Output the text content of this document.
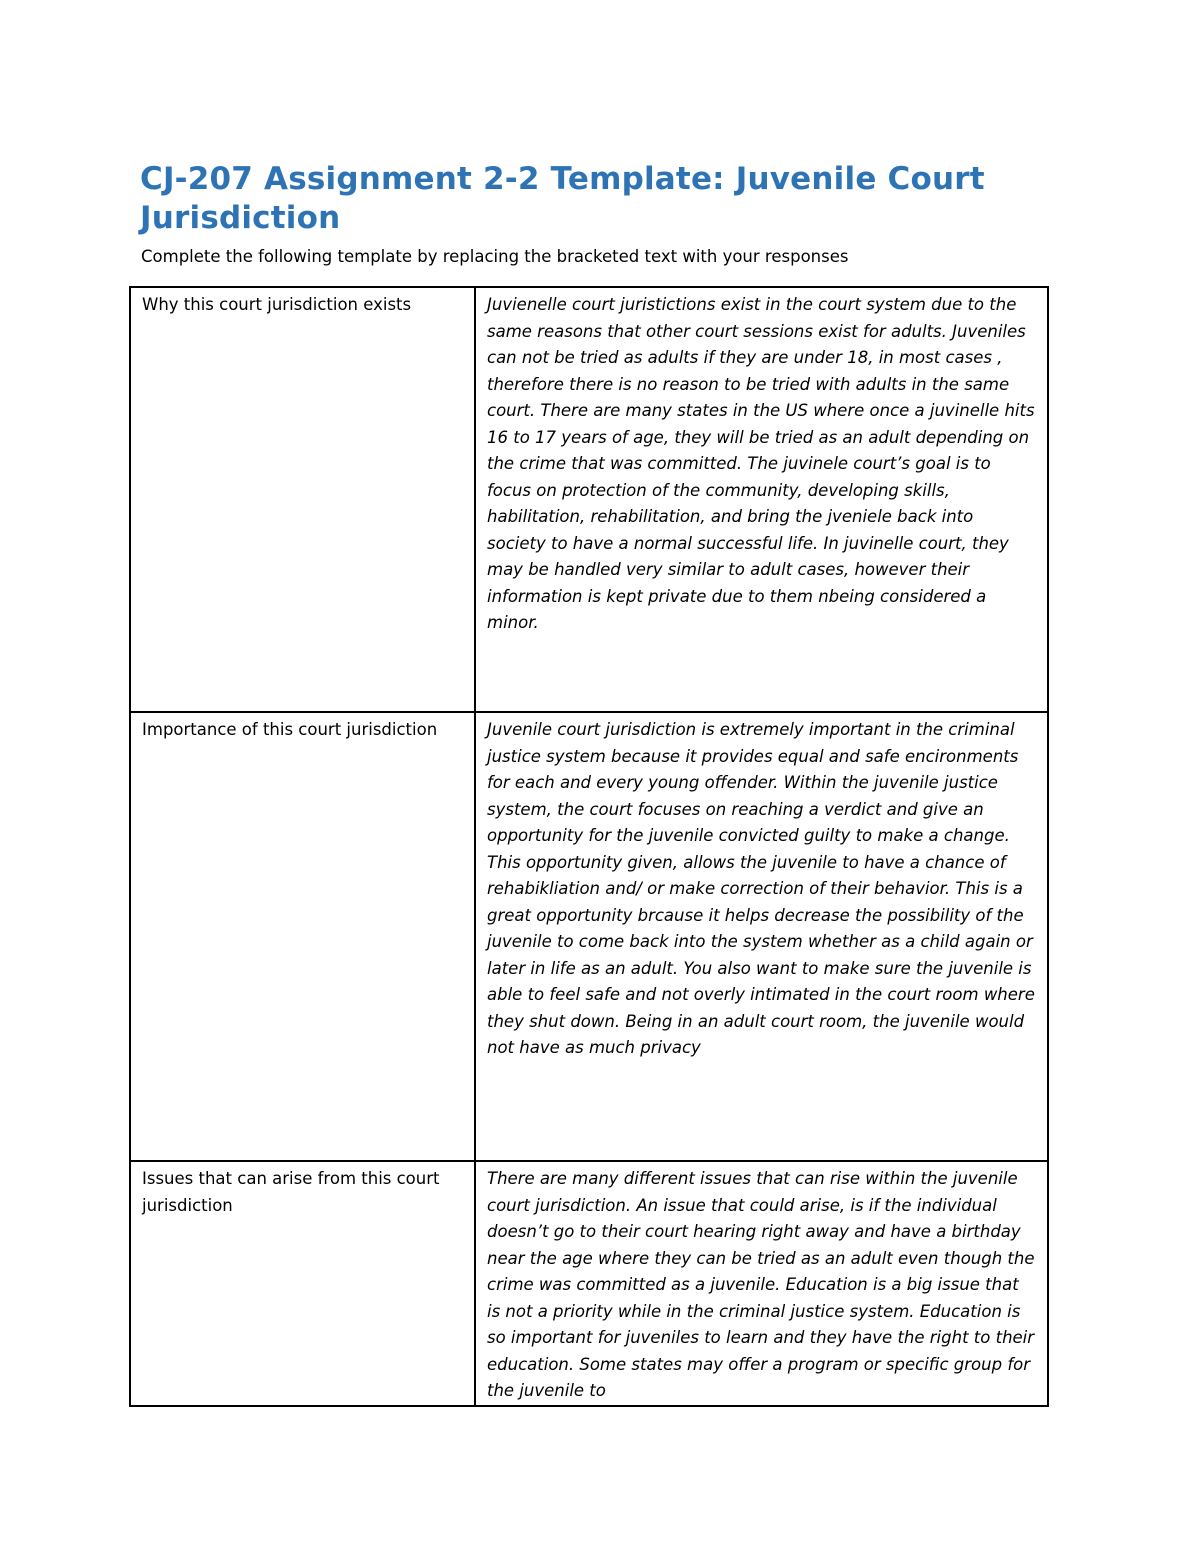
CJ-207 Assignment 2-2 Template: Juvenile Court Jurisdiction

Complete the following template by replacing the bracketed text with your responses

Why this court jurisdiction exists	Juvienelle court juristictions exist in the court system due to the same reasons that other court sessions exist for adults. Juveniles can not be tried as adults if they are under 18, in most cases , therefore there is no reason to be tried with adults in the same court. There are many states in the US where once a juvinelle hits 16 to 17 years of age, they will be tried as an adult depending on the crime that was committed. The juvinele court’s goal is to focus on protection of the community, developing skills, habilitation, rehabilitation, and bring the jveniele back into society to have a normal successful life. In juvinelle court, they may be handled very similar to adult cases, however their information is kept private due to them nbeing considered a minor.
Importance of this court jurisdiction	Juvenile court jurisdiction is extremely important in the criminal justice system because it provides equal and safe encironments for each and every young offender. Within the juvenile justice system, the court focuses on reaching a verdict and give an opportunity for the juvenile convicted guilty to make a change. This opportunity given, allows the juvenile to have a chance of rehabikliation and/ or make correction of their behavior. This is a great opportunity brcause it helps decrease the possibility of the juvenile to come back into the system whether as a child again or later in life as an adult. You also want to make sure the juvenile is able to feel safe and not overly intimated in the court room where they shut down. Being in an adult court room, the juvenile would not have as much privacy
Issues that can arise from this court jurisdiction	There are many different issues that can rise within the juvenile court jurisdiction. An issue that could arise, is if the individual doesn’t go to their court hearing right away and have a birthday near the age where they can be tried as an adult even though the crime was committed as a juvenile. Education is a big issue that is not a priority while in the criminal justice system. Education is so important for juveniles to learn and they have the right to their education. Some states may offer a program or specific group for the juvenile to
